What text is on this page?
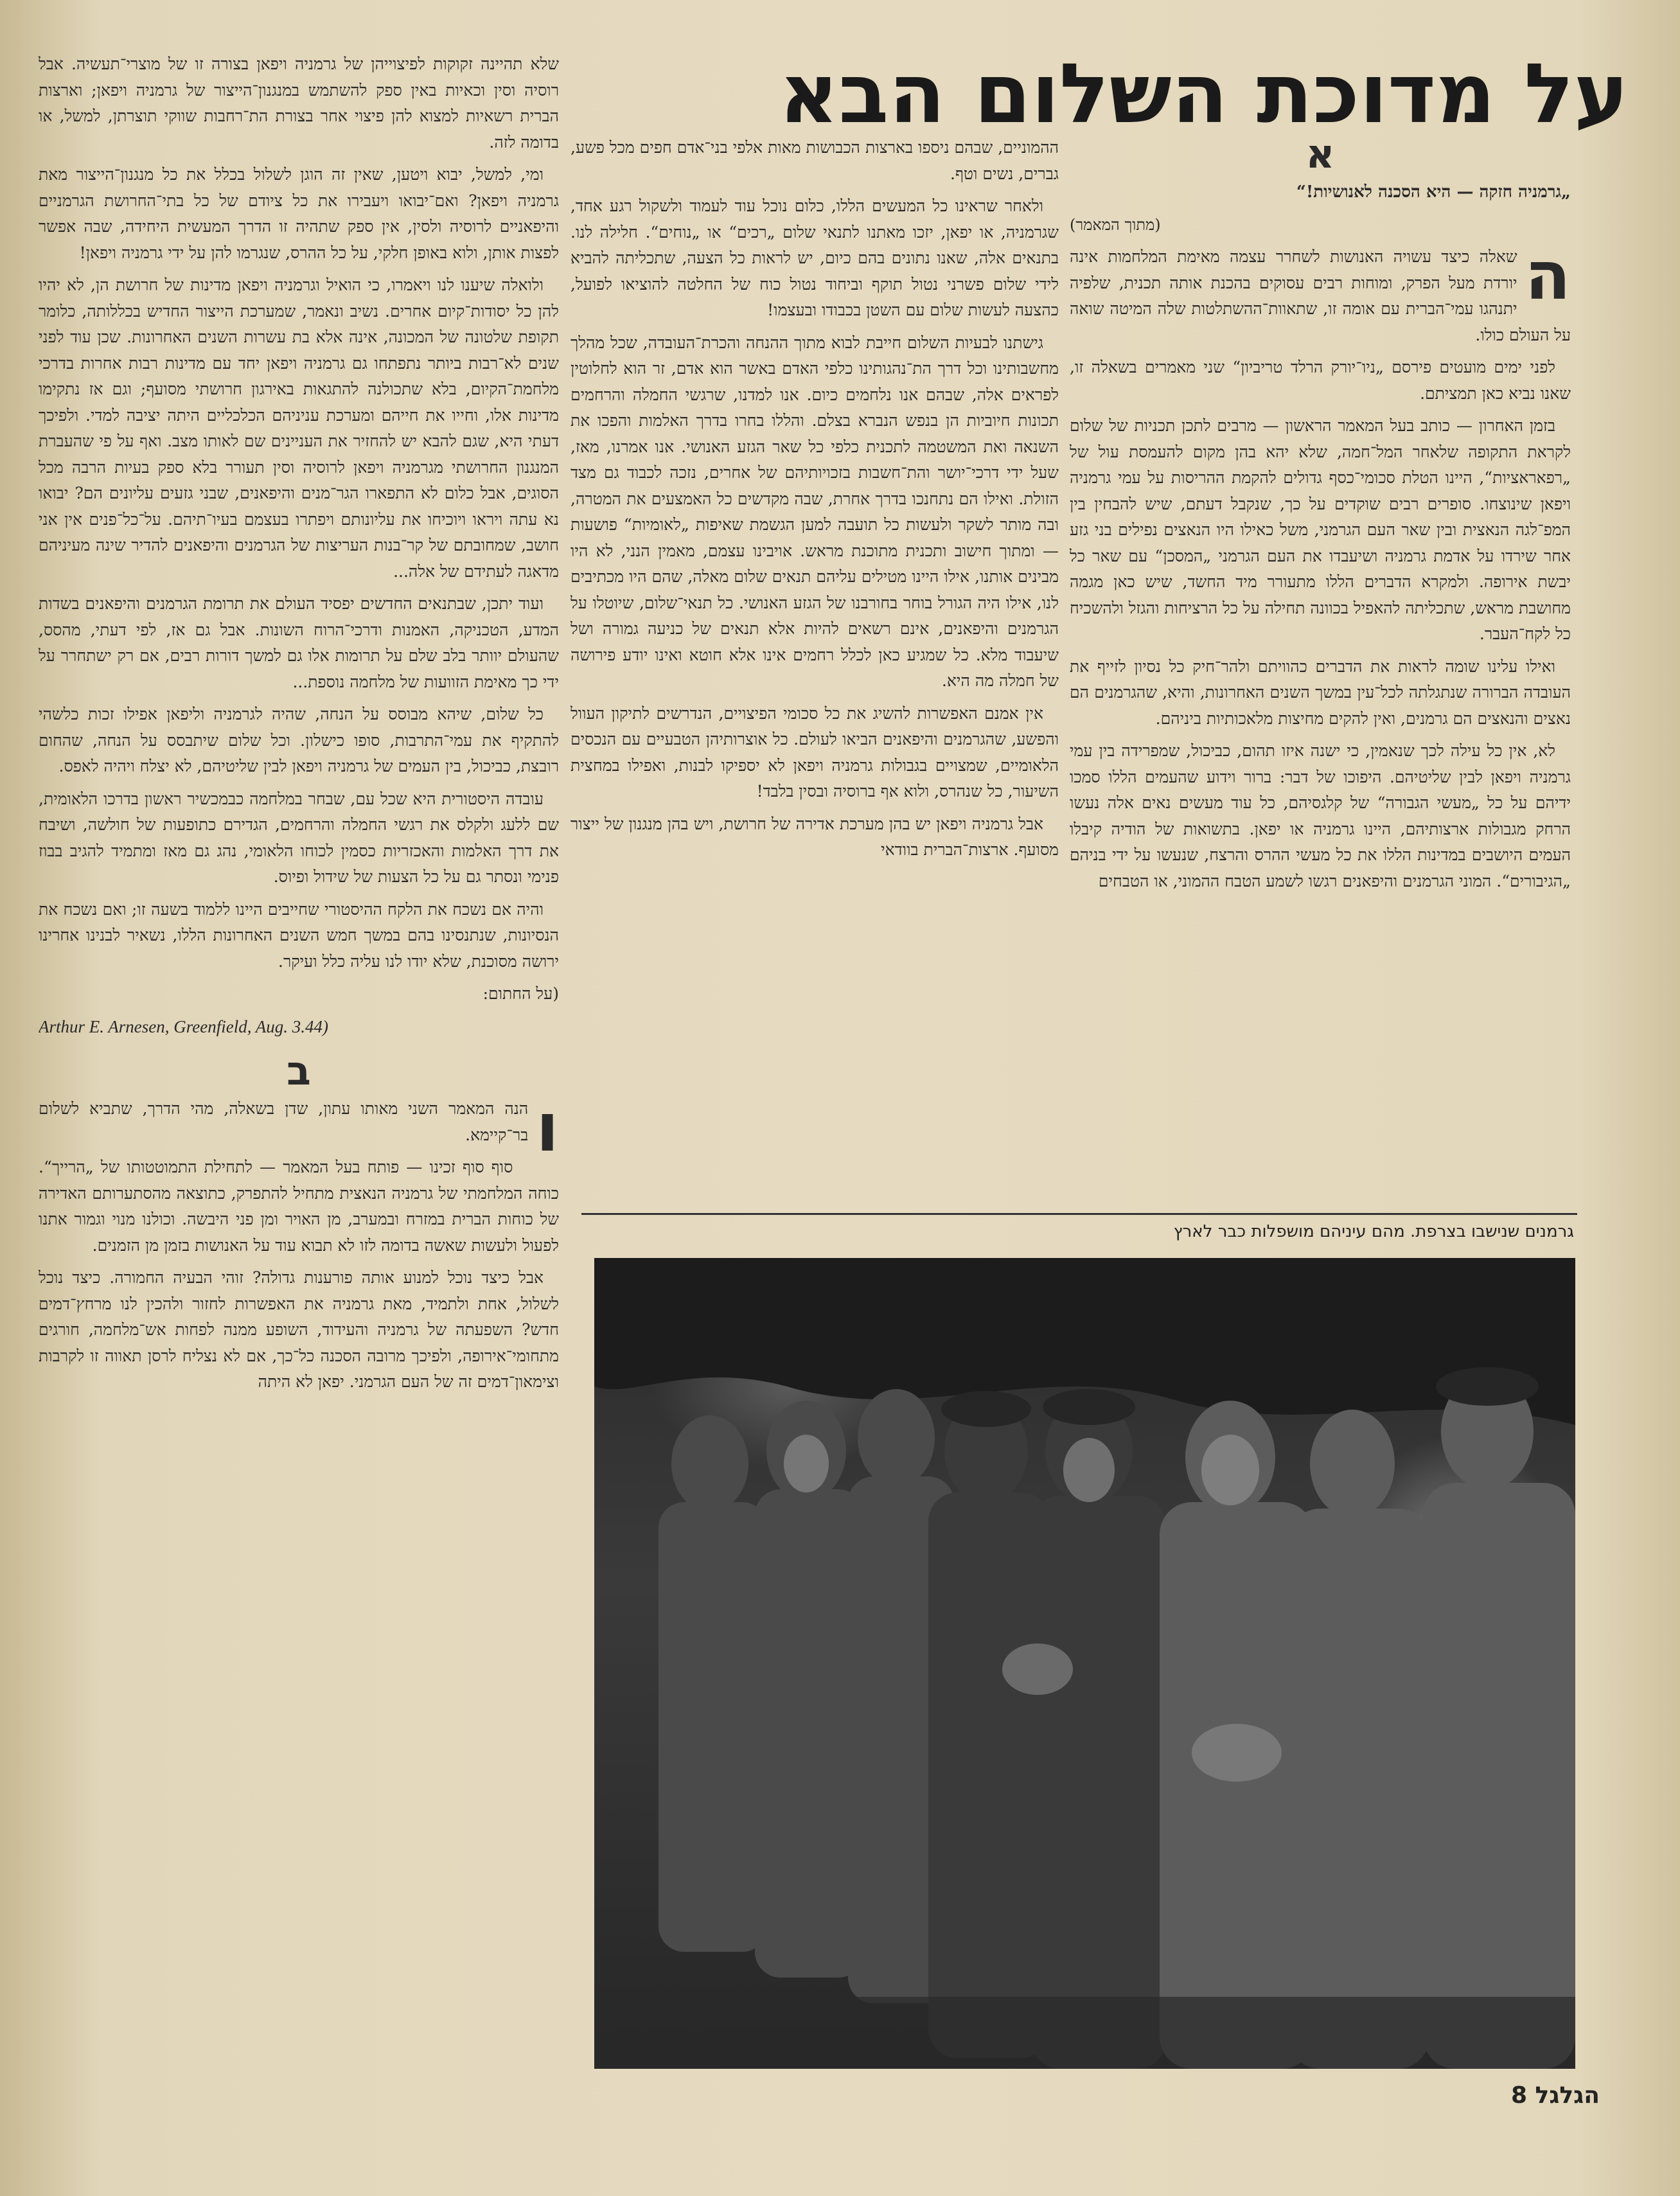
על מדוכת השלום הבא
א

„גרמניה חזקה — היא הסכנה לאנושיות!“

(מתוך המאמר)

ה
שאלה כיצד עשויה האנושות לשחרר עצמה מאימת המלחמות אינה יורדת מעל הפרק, ומוחות רבים עסוקים בהכנת אותה תכנית, שלפיה יתנהגו עמי־הברית עם אומה זו, שתאוות־ההשתלטות שלה המיטה שואה על העולם כולו.

לפני ימים מועטים פירסם „ניו־יורק הרלד טריביון“ שני מאמרים בשאלה זו, שאנו נביא כאן תמציתם.

בזמן האחרון — כותב בעל המאמר הראשון — מרבים לתכן תכניות של שלום לקראת התקופה שלאחר המל־חמה, שלא יהא בהן מקום להעמסת עול של „רפאראציות“, היינו הטלת סכומי־כסף גדולים להקמת ההריסות על עמי גרמניה ויפאן שינוצחו. סופרים רבים שוקדים על כך, שנקבל דעתם, שיש להבחין בין המפ־לגה הנאצית ובין שאר העם הגרמני, משל כאילו היו הנאצים נפילים בני גזע אחר שירדו על אדמת גרמניה ושיעבדו את העם הגרמני „המסכן“ עם שאר כל יבשת אירופה. ולמקרא הדברים הללו מתעורר מיד החשד, שיש כאן מגמה מחושבת מראש, שתכליתה להאפיל בכוונה תחילה על כל הרציחות והגזל ולהשכיח כל לקח־העבר.

ואילו עלינו שומה לראות את הדברים כהוויתם ולהר־חיק כל נסיון לזייף את העובדה הברורה שנתגלתה לכל־עין במשך השנים האחרונות, והיא, שהגרמנים הם נאצים והנאצים הם גרמנים, ואין להקים מחיצות מלאכותיות ביניהם.

לא, אין כל עילה לכך שנאמין, כי ישנה איזו תהום, כביכול, שמפרידה בין עמי גרמניה ויפאן לבין שליטיהם. היפוכו של דבר: ברור וידוע שהעמים הללו סמכו ידיהם על כל „מעשי הגבורה“ של קלגסיהם, כל עוד מעשים נאים אלה נעשו הרחק מגבולות ארצותיהם, היינו גרמניה או יפאן. בתשואות של הודיה קיבלו העמים היושבים במדינות הללו את כל מעשי ההרס והרצח, שנעשו על ידי בניהם „הגיבורים“. המוני הגרמנים והיפאנים רגשו לשמע הטבח ההמוני, או הטבחים

ההמוניים, שבהם ניספו בארצות הכבושות מאות אלפי בני־אדם חפים מכל פשע, גברים, נשים וטף.

ולאחר שראינו כל המעשים הללו, כלום נוכל עוד לעמוד ולשקול רגע אחד, שגרמניה, או יפאן, יזכו מאתנו לתנאי שלום „רכים“ או „נוחים“. חלילה לנו. בתנאים אלה, שאנו נתונים בהם כיום, יש לראות כל הצעה, שתכליתה להביא לידי שלום פשרני נטול תוקף וביחוד נטול כוח של החלטה להוציאו לפועל, כהצעה לעשות שלום עם השטן בכבודו ובעצמו!

גישתנו לבעיות השלום חייבת לבוא מתוך ההנחה והכרת־העובדה, שכל מהלך מחשבותינו וכל דרך הת־נהגותינו כלפי האדם באשר הוא אדם, זר הוא לחלוטין לפראים אלה, שבהם אנו נלחמים כיום. אנו למדנו, שרגשי החמלה והרחמים תכונות חיוביות הן בנפש הנברא בצלם. והללו בחרו בדרך האלמות והפכו את השנאה ואת המשטמה לתכנית כלפי כל שאר הגזע האנושי. אנו אמרנו, מאז, שעל ידי דרכי־יושר והת־חשבות בזכויותיהם של אחרים, נזכה לכבוד גם מצד הזולת. ואילו הם נתחנכו בדרך אחרת, שבה מקדשים כל האמצעים את המטרה, ובה מותר לשקר ולעשות כל תועבה למען הגשמת שאיפות „לאומיות“ פושעות — ומתוך חישוב ותכנית מתוכנת מראש. אויבינו עצמם, מאמין הנני, לא היו מבינים אותנו, אילו היינו מטילים עליהם תנאים שלום מאלה, שהם היו מכתיבים לנו, אילו היה הגורל בוחר בחורבנו של הגזע האנושי. כל תנאי־שלום, שיוטלו על הגרמנים והיפאנים, אינם רשאים להיות אלא תנאים של כניעה גמורה ושל שיעבוד מלא. כל שמגיע כאן לכלל רחמים אינו אלא חוטא ואינו יודע פירושה של חמלה מה היא.

אין אמנם האפשרות להשיג את כל סכומי הפיצויים, הנדרשים לתיקון העוול והפשע, שהגרמנים והיפאנים הביאו לעולם. כל אוצרותיהן הטבעיים עם הנכסים הלאומיים, שמצויים בגבולות גרמניה ויפאן לא יספיקו לבנות, ואפילו במחצית השיעור, כל שנהרס, ולוא אף ברוסיה ובסין בלבד!

אבל גרמניה ויפאן יש בהן מערכת אדירה של חרושת, ויש בהן מנגנון של ייצור מסועף. ארצות־הברית בוודאי

שלא תהיינה זקוקות לפיצוייהן של גרמניה ויפאן בצורה זו של מוצרי־תעשיה. אבל רוסיה וסין וכאיות באין ספק להשתמש במנגנון־הייצור של גרמניה ויפאן; וארצות הברית רשאיות למצוא להן פיצוי אחר בצורת הת־רחבות שווקי תוצרתן, למשל, או בדומה לזה.

ומי, למשל, יבוא ויטען, שאין זה הוגן לשלול בכלל את כל מנגנון־הייצור מאת גרמניה ויפאן? ואם־יבואו ויעבירו את כל ציודם של כל בתי־החרושת הגרמניים והיפאניים לרוסיה ולסין, אין ספק שתהיה זו הדרך המעשית היחידה, שבה אפשר לפצות אותן, ולוא באופן חלקי, על כל ההרס, שנגרמו להן על ידי גרמניה ויפאן!

ולואלה שיענו לנו ויאמרו, כי הואיל וגרמניה ויפאן מדינות של חרושת הן, לא יהיו להן כל יסודות־קיום אחרים. נשיב ונאמר, שמערכת הייצור החדיש בכללותה, כלומר תקופת שלטונה של המכונה, אינה אלא בת עשרות השנים האחרונות. שכן עוד לפני שנים לא־רבות ביותר נתפתחו גם גרמניה ויפאן יחד עם מדינות רבות אחרות בדרכי מלחמת־הקיום, בלא שתכולנה להתגאות באירגון חרושתי מסועף; וגם אז נתקימו מדינות אלו, וחייו את חייהם ומערכת עניניהם הכלכליים היתה יציבה למדי. ולפיכך דעתי היא, שגם להבא יש להחזיר את העניינים שם לאותו מצב. ואף על פי שהעברת המנגנון החרושתי מגרמניה ויפאן לרוסיה וסין תעורר בלא ספק בעיות הרבה מכל הסוגים, אבל כלום לא התפארו הגר־מנים והיפאנים, שבני גזעים עליונים הם? יבואו נא עתה ויראו ויוכיחו את עליונותם ויפתרו בעצמם בעיו־תיהם. על־כל־פנים אין אני חושב, שמחובתם של קר־בנות העריצות של הגרמנים והיפאנים להדיר שינה מעיניהם מדאגה לעתידם של אלה...

ועוד יתכן, שבתנאים החדשים יפסיד העולם את תרומת הגרמנים והיפאנים בשדות המדע, הטכניקה, האמנות ודרכי־הרוח השונות. אבל גם אז, לפי דעתי, מהסס, שהעולם יוותר בלב שלם על תרומות אלו גם למשך דורות רבים, אם רק ישתחרר על ידי כך מאימת הזוועות של מלחמה נוספת...

כל שלום, שיהא מבוסס על הנחה, שהיה לגרמניה וליפאן אפילו זכות כלשהי להתקיף את עמי־התרבות, סופו כישלון. וכל שלום שיתבסס על הנחה, שהחום רובצת, כביכול, בין העמים של גרמניה ויפאן לבין שליטיהם, לא יצלח ויהיה לאפס.

עובדה היסטורית היא שכל עם, שבחר במלחמה כבמכשיר ראשון בדרכו הלאומית, שם ללעג ולקלס את רגשי החמלה והרחמים, הגדירם כתופעות של חולשה, ושיבח את דרך האלמות והאכזריות כסמין לכוחו הלאומי, נהג גם מאז ומתמיד להגיב בבוז פנימי ונסתר גם על כל הצעות של שידול ופיוס.

והיה אם נשכח את הלקח ההיסטורי שחייבים היינו ללמוד בשעה זו; ואם נשכח את הנסיונות, שנתנסינו בהם במשך חמש השנים האחרונות הללו, נשאיר לבנינו אחרינו ירושה מסוכנת, שלא יודו לנו עליה כלל ועיקר.

(על החתום:

Arthur E. Arnesen, Greenfield, Aug. 3.44)
ב

ו
הנה המאמר השני מאותו עתון, שדן בשאלה, מהי הדרך, שתביא לשלום בר־קיימא.

סוף סוף זכינו — פותח בעל המאמר — לתחילת התמוטטותו של „הרייך“. כוחה המלחמתי של גרמניה הנאצית מתחיל להתפרק, כתוצאה מהסתערותם האדירה של כוחות הברית במזרח ובמערב, מן האויר ומן פני היבשה. וכולנו מנוי וגמור אתנו לפעול ולעשות שאשה בדומה לזו לא תבוא עוד על האנושות בזמן מן הזמנים.

אבל כיצד נוכל למנוע אותה פורענות גדולה? זוהי הבעיה החמורה. כיצד נוכל לשלול, אחת ולתמיד, מאת גרמניה את האפשרות לחזור ולהכין לנו מרחץ־דמים חדש? השפעתה של גרמניה והעידוד, השופע ממנה לפחות אש־מלחמה, חורגים מתחומי־אירופה, ולפיכך מרובה הסכנה כל־כך, אם לא נצליח לרסן תאווה זו לקרבות וצימאון־דמים זה של העם הגרמני. יפאן לא היתה

גרמנים שנישבו בצרפת. מהם עיניהם מושפלות כבר לארץ
הגלגל 8
